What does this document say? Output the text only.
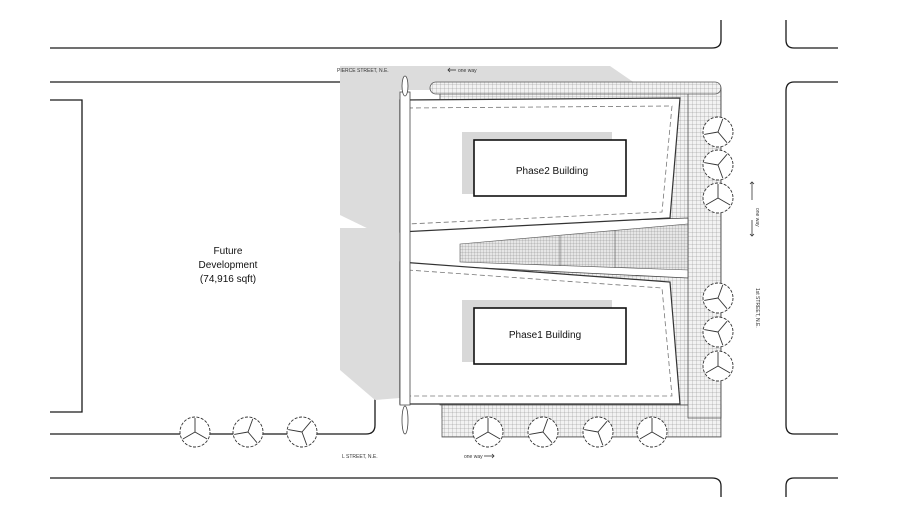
Future
Development
(74,916 sqft)
Phase2 Building
Phase1 Building
PIERCE STREET, N.E.	one way
L STREET, N.E.	one way
one way
1st STREET, N.E.
